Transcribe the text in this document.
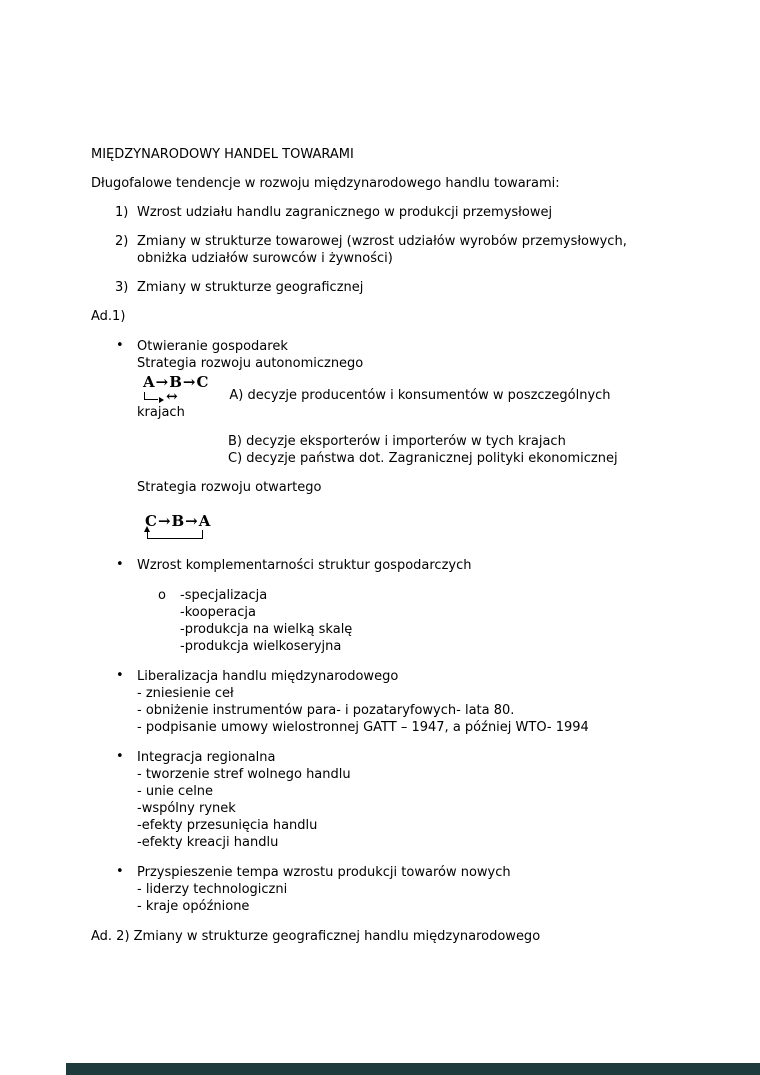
MIĘDZYNARODOWY HANDEL TOWARAMI

Długofalowe tendencje w rozwoju międzynarodowego handlu towarami:

1) Wzrost udziału handlu zagranicznego w produkcji przemysłowej
2) Zmiany w strukturze towarowej (wzrost udziałów wyrobów przemysłowych, obniżka udziałów surowców i żywności)
3) Zmiany w strukturze geograficznej

Ad.1)

• Otwieranie gospodarek

Strategia rozwoju autonomicznego

A→B→C
↔	A) decyzje producentów i konsumentów w poszczególnych

krajach

B) decyzje eksporterów i importerów w tych krajach

C) decyzje państwa dot. Zagranicznej polityki ekonomicznej

Strategia rozwoju otwartego

C→B→A
• Wzrost komplementarności struktur gospodarczych

o -specjalizacja
-kooperacja
-produkcja na wielką skalę
-produkcja wielkoseryjna
• Liberalizacja handlu międzynarodowego

- zniesienie ceł

- obniżenie instrumentów para- i pozataryfowych- lata 80.

- podpisanie umowy wielostronnej GATT – 1947, a później WTO- 1994

• Integracja regionalna

- tworzenie stref wolnego handlu

- unie celne

-wspólny rynek

-efekty przesunięcia handlu

-efekty kreacji handlu

• Przyspieszenie tempa wzrostu produkcji towarów nowych

- liderzy technologiczni

- kraje opóźnione

Ad. 2) Zmiany w strukturze geograficznej handlu międzynarodowego
